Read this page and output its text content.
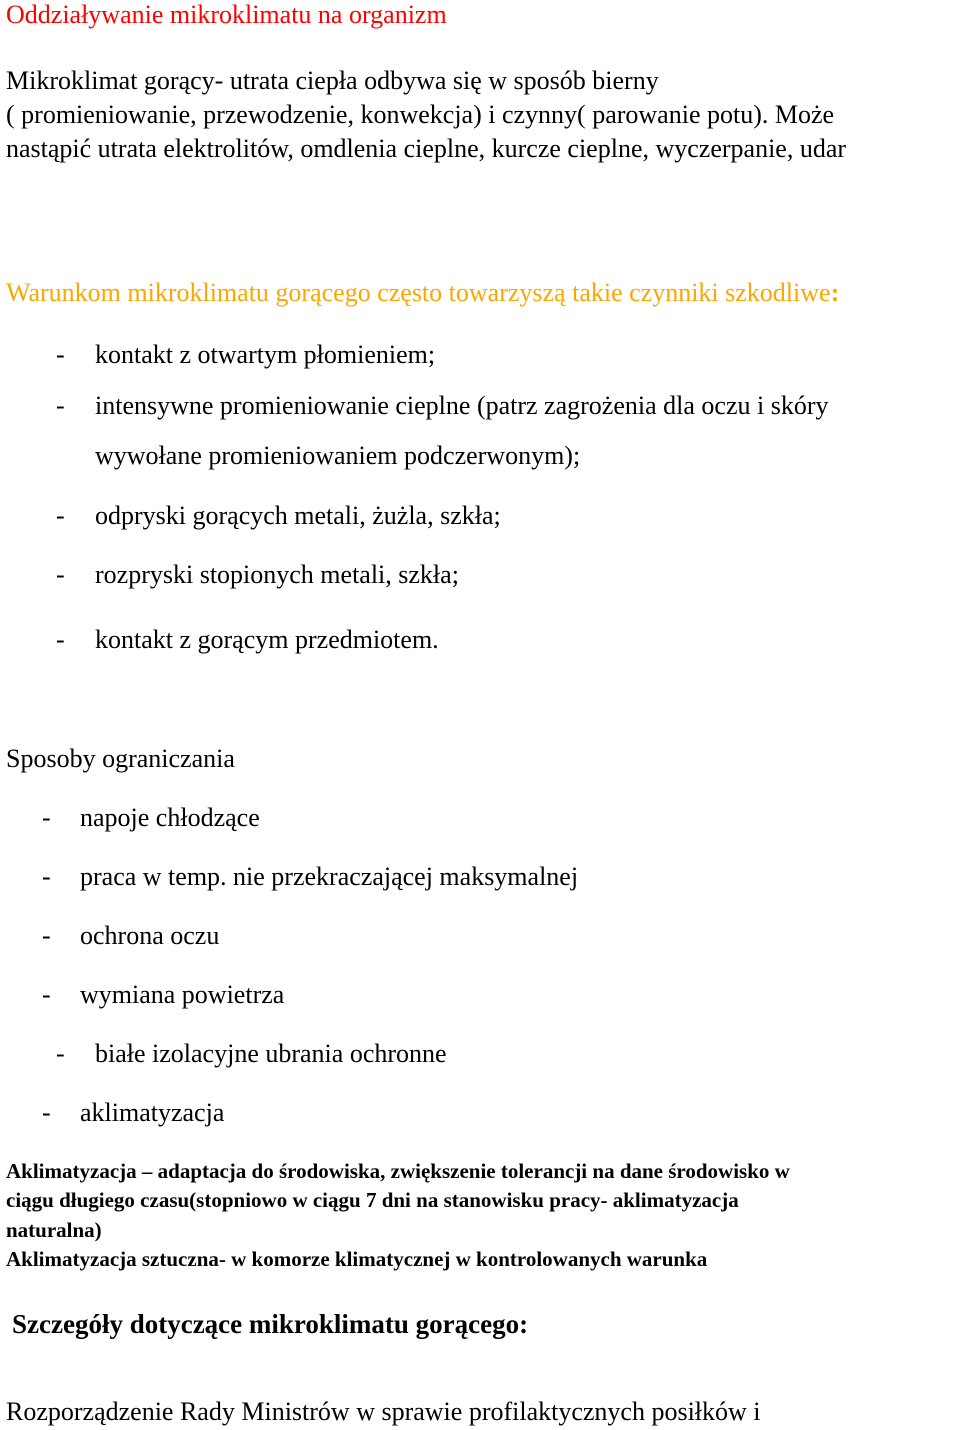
Oddziaływanie mikroklimatu na organizm
Mikroklimat gorący- utrata ciepła odbywa się w sposób bierny
( promieniowanie, przewodzenie, konwekcja) i czynny( parowanie potu). Może
nastąpić utrata elektrolitów, omdlenia cieplne, kurcze cieplne, wyczerpanie, udar
Warunkom mikroklimatu gorącego często towarzyszą takie czynniki szkodliwe:
- kontakt z otwartym płomieniem;
- intensywne promieniowanie cieplne (patrz zagrożenia dla oczu i skóry
wywołane promieniowaniem podczerwonym);
- odpryski gorących metali, żużla, szkła;
- rozpryski stopionych metali, szkła;
- kontakt z gorącym przedmiotem.
Sposoby ograniczania
- napoje chłodzące
- praca w temp. nie przekraczającej maksymalnej
- ochrona oczu
- wymiana powietrza
- białe izolacyjne ubrania ochronne
- aklimatyzacja
Aklimatyzacja – adaptacja do środowiska, zwiększenie tolerancji na dane środowisko w
ciągu długiego czasu(stopniowo w ciągu 7 dni na stanowisku pracy- aklimatyzacja
naturalna)
Aklimatyzacja sztuczna- w komorze klimatycznej w kontrolowanych warunka
Szczegóły dotyczące mikroklimatu gorącego:
Rozporządzenie Rady Ministrów w sprawie profilaktycznych posiłków i
